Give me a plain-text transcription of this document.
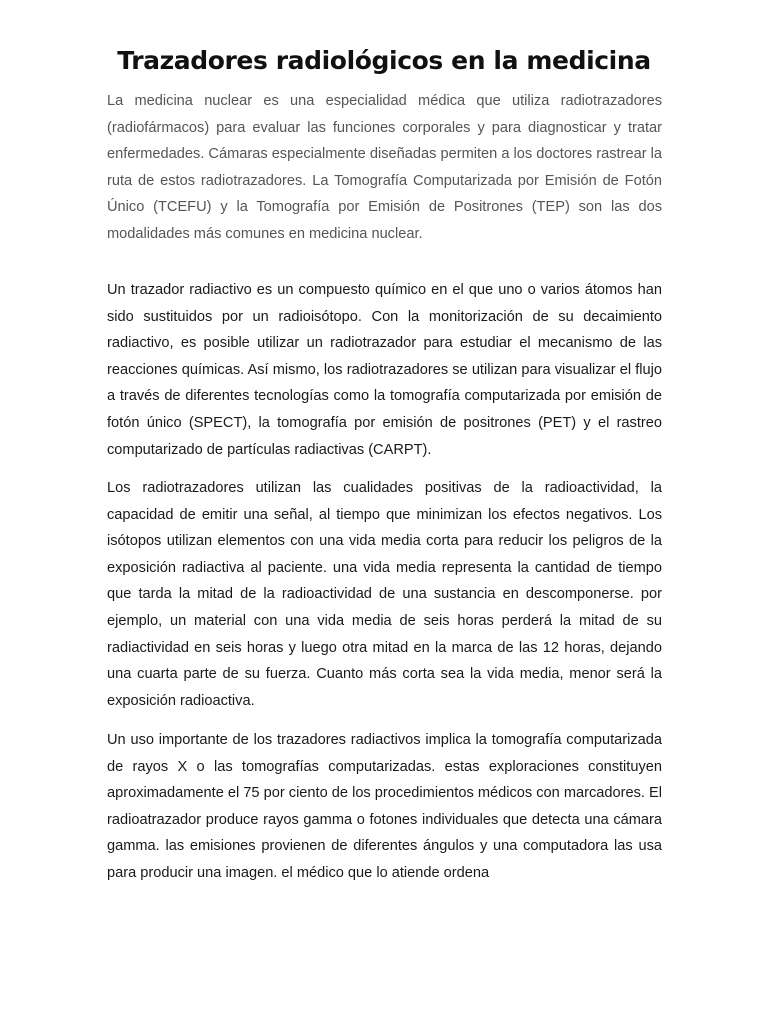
Trazadores radiológicos en la medicina

La medicina nuclear es una especialidad médica que utiliza radiotrazadores (radiofármacos) para evaluar las funciones corporales y para diagnosticar y tratar enfermedades. Cámaras especialmente diseñadas permiten a los doctores rastrear la ruta de estos radiotrazadores. La Tomografía Computarizada por Emisión de Fotón Único (TCEFU) y la Tomografía por Emisión de Positrones (TEP) son las dos modalidades más comunes en medicina nuclear.

Un trazador radiactivo es un compuesto químico en el que uno o varios átomos han sido sustituidos por un radioisótopo. Con la monitorización de su decaimiento radiactivo, es posible utilizar un radiotrazador para estudiar el mecanismo de las reacciones químicas. Así mismo, los radiotrazadores se utilizan para visualizar el flujo a través de diferentes tecnologías como la tomografía computarizada por emisión de fotón único (SPECT), la tomografía por emisión de positrones (PET) y el rastreo computarizado de partículas radiactivas (CARPT).

Los radiotrazadores utilizan las cualidades positivas de la radioactividad, la capacidad de emitir una señal, al tiempo que minimizan los efectos negativos. Los isótopos utilizan elementos con una vida media corta para reducir los peligros de la exposición radiactiva al paciente. una vida media representa la cantidad de tiempo que tarda la mitad de la radioactividad de una sustancia en descomponerse. por ejemplo, un material con una vida media de seis horas perderá la mitad de su radiactividad en seis horas y luego otra mitad en la marca de las 12 horas, dejando una cuarta parte de su fuerza. Cuanto más corta sea la vida media, menor será la exposición radioactiva.

Un uso importante de los trazadores radiactivos implica la tomografía computarizada de rayos X o las tomografías computarizadas. estas exploraciones constituyen aproximadamente el 75 por ciento de los procedimientos médicos con marcadores. El radioatrazador produce rayos gamma o fotones individuales que detecta una cámara gamma. las emisiones provienen de diferentes ángulos y una computadora las usa para producir una imagen. el médico que lo atiende ordena
